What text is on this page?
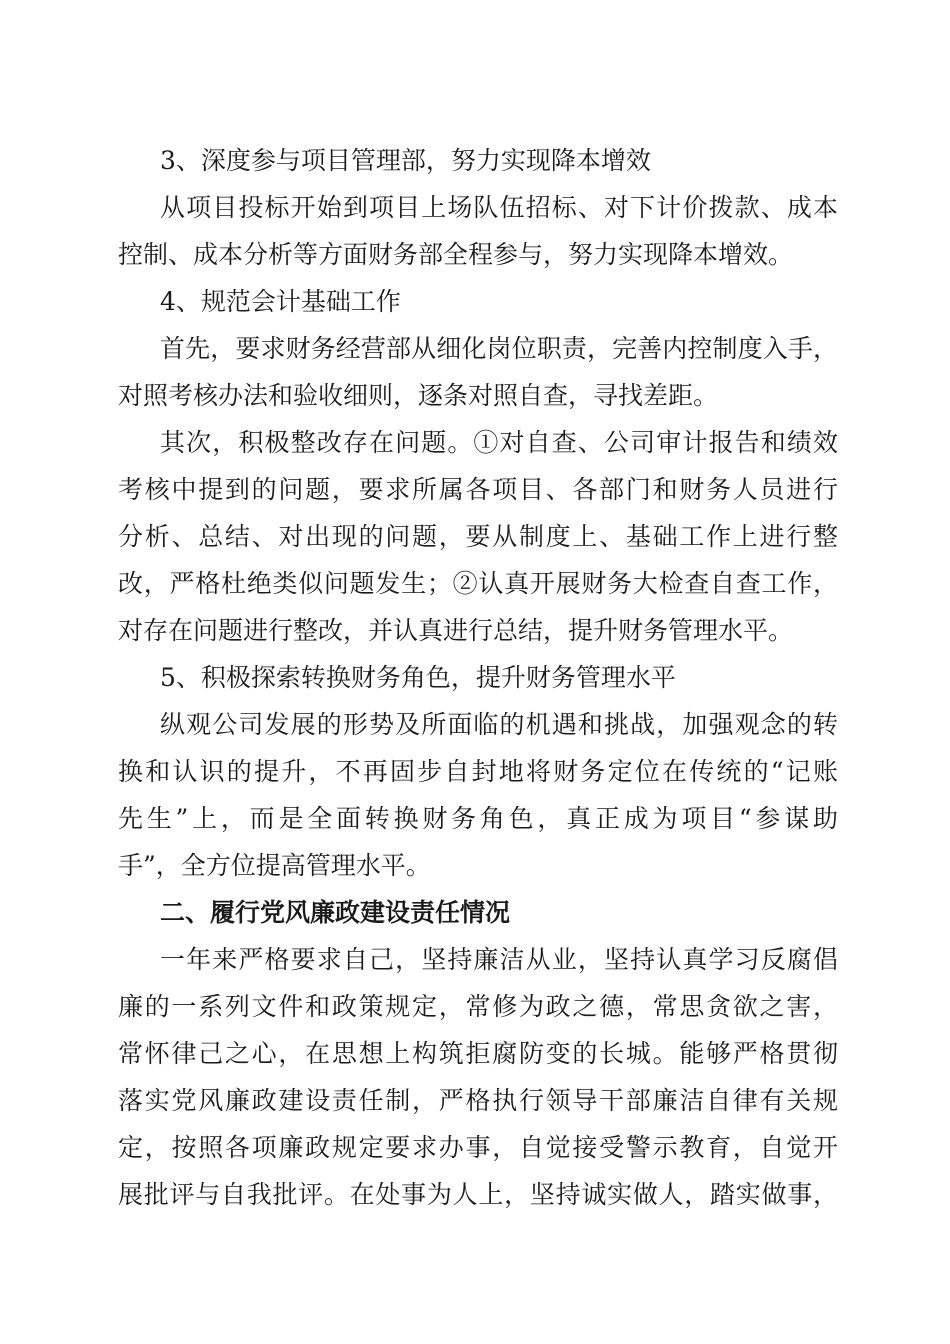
3、深度参与项目管理部，努力实现降本增效
从项目投标开始到项目上场队伍招标、对下计价拨款、成本
控制、成本分析等方面财务部全程参与，努力实现降本增效。
4、规范会计基础工作
首先，要求财务经营部从细化岗位职责，完善内控制度入手，
对照考核办法和验收细则，逐条对照自查，寻找差距。
其次，积极整改存在问题。①对自查、公司审计报告和绩效
考核中提到的问题，要求所属各项目、各部门和财务人员进行
分析、总结、对出现的问题，要从制度上、基础工作上进行整
改，严格杜绝类似问题发生；②认真开展财务大检查自查工作，
对存在问题进行整改，并认真进行总结，提升财务管理水平。
5、积极探索转换财务角色，提升财务管理水平
纵观公司发展的形势及所面临的机遇和挑战，加强观念的转
换和认识的提升，不再固步自封地将财务定位在传统的“记账
先生”上，而是全面转换财务角色，真正成为项目“参谋助
手”，全方位提高管理水平。
二、履行党风廉政建设责任情况
一年来严格要求自己，坚持廉洁从业，坚持认真学习反腐倡
廉的一系列文件和政策规定，常修为政之德，常思贪欲之害，
常怀律己之心，在思想上构筑拒腐防变的长城。能够严格贯彻
落实党风廉政建设责任制，严格执行领导干部廉洁自律有关规
定，按照各项廉政规定要求办事，自觉接受警示教育，自觉开
展批评与自我批评。在处事为人上，坚持诚实做人，踏实做事，
